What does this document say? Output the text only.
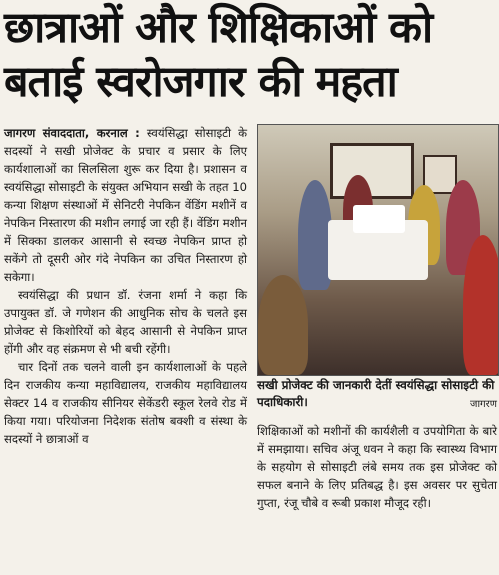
छात्राओं और शिक्षिकाओं को
बताई स्वरोजगार की महता

जागरण संवाददाता, करनाल : स्वयंसिद्धा सोसाइटी के सदस्यों ने सखी प्रोजेक्ट के प्रचार व प्रसार के लिए कार्यशालाओं का सिलसिला शुरू कर दिया है। प्रशासन व स्वयंसिद्धा सोसाइटी के संयुक्त अभियान सखी के तहत 10 कन्या शिक्षण संस्थाओं में सेनिटरी नेपकिन वेंडिंग मशीनें व नेपकिन निस्तारण की मशीन लगाई जा रही हैं। वेंडिंग मशीन में सिक्का डालकर आसानी से स्वच्छ नेपकिन प्राप्त हो सकेंगे तो दूसरी ओर गंदे नेपकिन का उचित निस्तारण हो सकेगा।

स्वयंसिद्धा की प्रधान डॉ. रंजना शर्मा ने कहा कि उपायुक्त डॉ. जे गणेशन की आधुनिक सोच के चलते इस प्रोजेक्ट से किशोरियों को बेहद आसानी से नेपकिन प्राप्त होंगी और वह संक्रमण से भी बची रहेंगी।

चार दिनों तक चलने वाली इन कार्यशालाओं के पहले दिन राजकीय कन्या महाविद्यालय, राजकीय महाविद्यालय सेक्टर 14 व राजकीय सीनियर सेकेंडरी स्कूल रेलवे रोड में किया गया। परियोजना निदेशक संतोष बक्शी व संस्था के सदस्यों ने छात्राओं व

सखी प्रोजेक्ट की जानकारी देतीं स्वयंसिद्धा सोसाइटी की पदाधिकारी।	जागरण

शिक्षिकाओं को मशीनों की कार्यशैली व उपयोगिता के बारे में समझाया। सचिव अंजू धवन ने कहा कि स्वास्थ्य विभाग के सहयोग से सोसाइटी लंबे समय तक इस प्रोजेक्ट को सफल बनाने के लिए प्रतिबद्ध है। इस अवसर पर सुचेता गुप्ता, रंजू चौबे व रूबी प्रकाश मौजूद रही।
